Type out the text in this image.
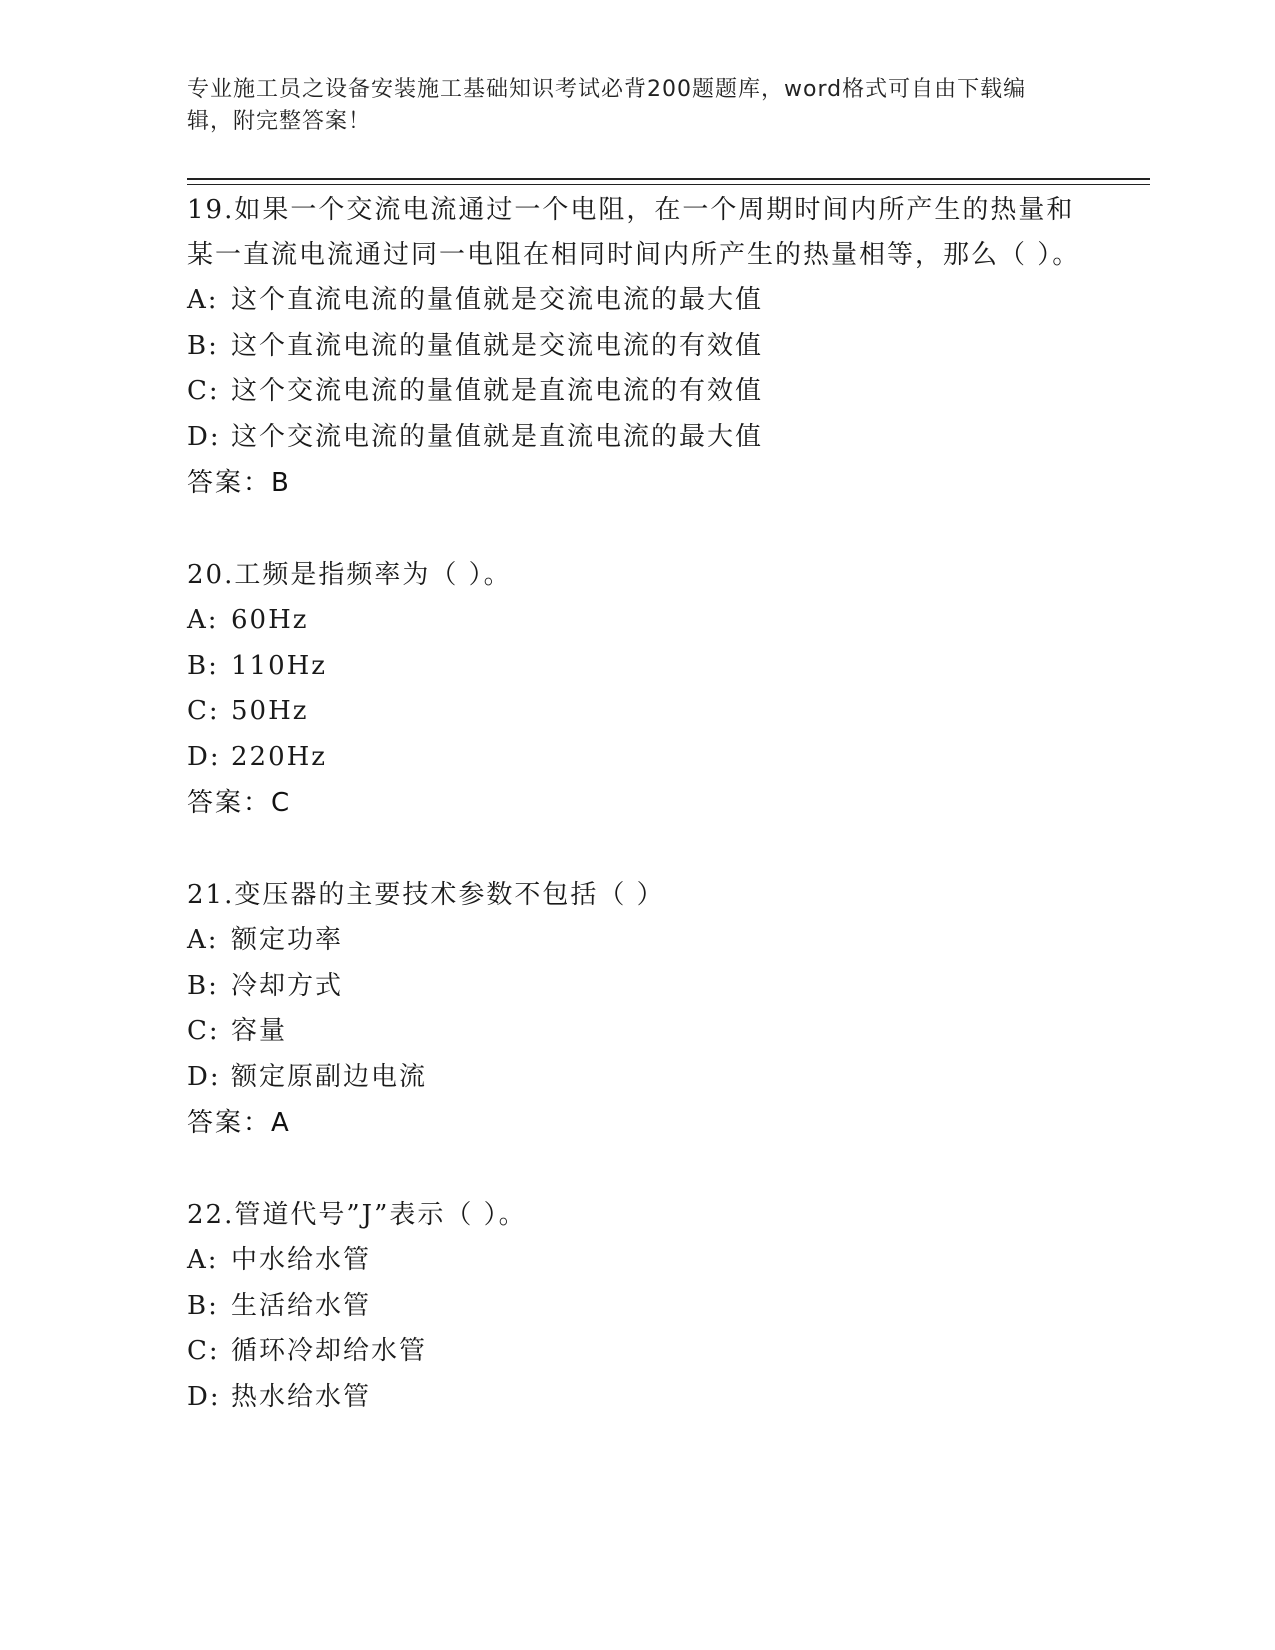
专业施工员之设备安装施工基础知识考试必背200题题库，word格式可自由下载编辑，附完整答案！

19.如果一个交流电流通过一个电阻，在一个周期时间内所产生的热量和某一直流电流通过同一电阻在相同时间内所产生的热量相等，那么（ ）。

A: 这个直流电流的量值就是交流电流的最大值

B: 这个直流电流的量值就是交流电流的有效值

C: 这个交流电流的量值就是直流电流的有效值

D: 这个交流电流的量值就是直流电流的最大值

答案：B

20.工频是指频率为（ ）。

A: 60Hz

B: 110Hz

C: 50Hz

D: 220Hz

答案：C

21.变压器的主要技术参数不包括（ ）

A: 额定功率

B: 冷却方式

C: 容量

D: 额定原副边电流

答案：A

22.管道代号”J”表示（ ）。

A: 中水给水管

B: 生活给水管

C: 循环冷却给水管

D: 热水给水管
